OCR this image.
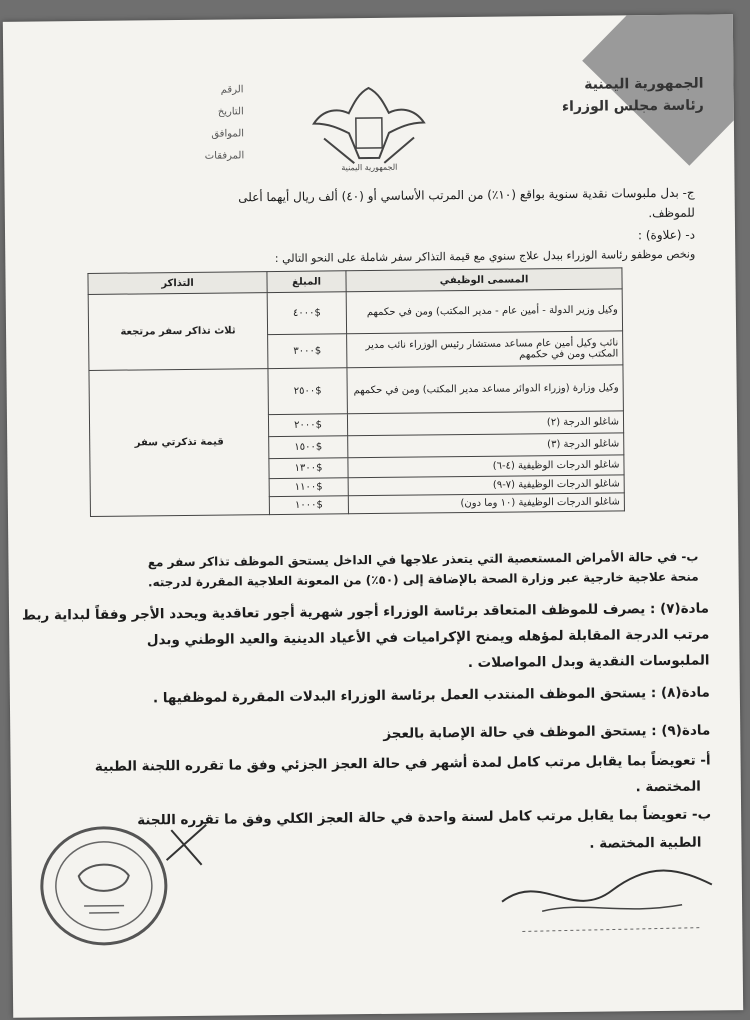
الجمهورية اليمنية
رئاسة مجلس الوزراء
الجمهورية اليمنية
الرقم
التاريخ
الموافق
المرفقات
ج- بدل ملبوسات نقدية سنوية بواقع (١٠٪) من المرتب الأساسي أو (٤٠) ألف ريال أيهما أعلى
للموظف.
د- (علاوة) :
ونخص موظفو رئاسة الوزراء ببدل علاج سنوي مع قيمة التذاكر سفر شاملة على النحو التالي :
المسمى الوظيفي	المبلغ	التذاكر
وكيل وزير الدولة - أمين عام - مدير المكتب) ومن في حكمهم	$٤٠٠٠	ثلاث تذاكر سفر مرتجعة
نائب وكيل أمين عام مساعد مستشار رئيس الوزراء نائب مدير المكتب ومن في حكمهم	$٣٠٠٠	
وكيل وزارة (وزراء الدوائر مساعد مدير المكتب) ومن في حكمهم	$٢٥٠٠	قيمة تذكرتي سفر
شاغلو الدرجة (٢)	$٢٠٠٠	
شاغلو الدرجة (٣)	$١٥٠٠	
شاغلو الدرجات الوظيفية (٤-٦)	$١٣٠٠	
شاغلو الدرجات الوظيفية (٧-٩)	$١١٠٠	
شاغلو الدرجات الوظيفية (١٠ وما دون)	$١٠٠٠	
ب- في حالة الأمراض المستعصية التي يتعذر علاجها في الداخل يستحق الموظف تذاكر سفر مع
منحة علاجية خارجية عبر وزارة الصحة بالإضافة إلى (٥٠٪) من المعونة العلاجية المقررة لدرجته.
مادة(٧) : يصرف للموظف المتعاقد برئاسة الوزراء أجور شهرية أجور تعاقدية ويحدد الأجر وفقاً لبداية ربط
مرتب الدرجة المقابلة لمؤهله ويمنح الإكراميات في الأعياد الدينية والعيد الوطني وبدل
الملبوسات النقدية وبدل المواصلات .
مادة(٨) : يستحق الموظف المنتدب العمل برئاسة الوزراء البدلات المقررة لموظفيها .
مادة(٩) : يستحق الموظف في حالة الإصابة بالعجز
أ- تعويضاً بما يقابل مرتب كامل لمدة أشهر في حالة العجز الجزئي وفق ما تقرره اللجنة الطبية
المختصة .
ب- تعويضاً بما يقابل مرتب كامل لسنة واحدة في حالة العجز الكلي وفق ما تقرره اللجنة
الطبية المختصة .
